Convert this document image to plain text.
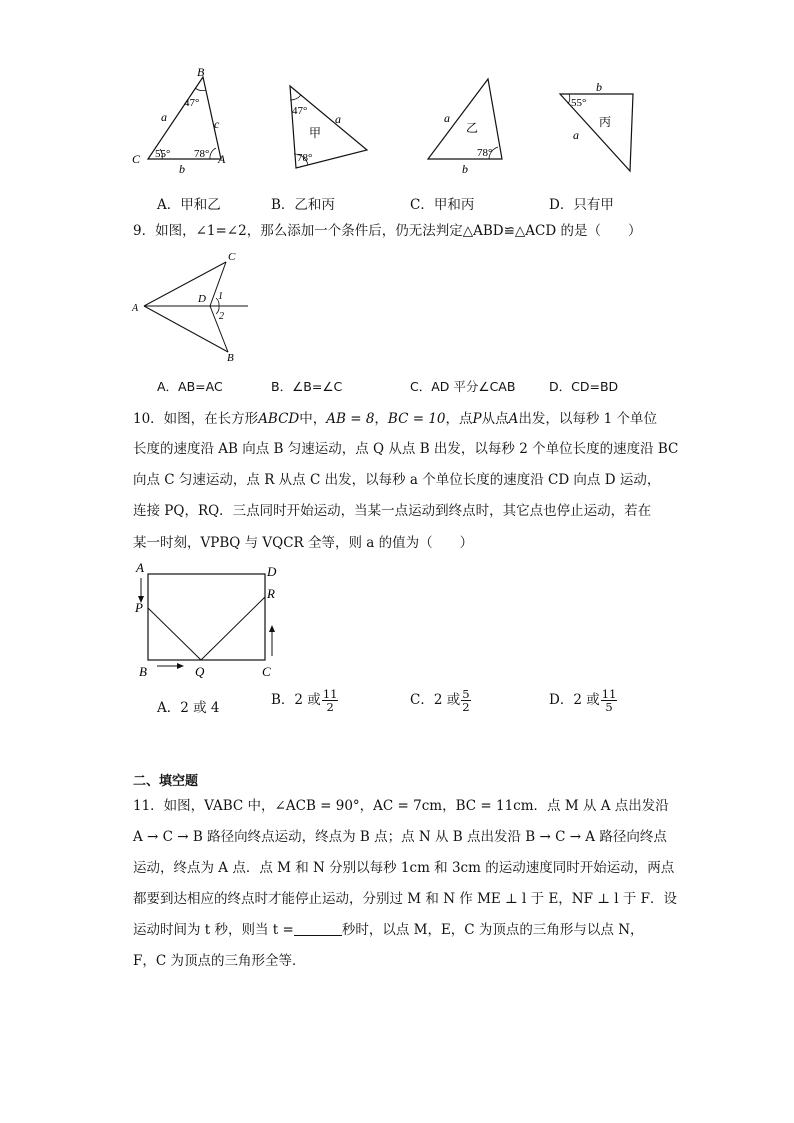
B
47°
a	c
C 55° 78° A
b
47°
a
甲
78°
a
乙
78°
b
b
55°
丙
a
A．甲和乙	B．乙和丙	C．甲和丙	D．只有甲
9．如图，∠1=∠2，那么添加一个条件后，仍无法判定△ABD≌△ACD 的是（　　）
C
A
D 1
2
B
A．AB=AC	B．∠B=∠C	C．AD 平分∠CAB	D．CD=BD
10．如图，在长方形ABCD中，AB = 8，BC = 10，点P从点A出发，以每秒 1 个单位
长度的速度沿 AB 向点 B 匀速运动，点 Q 从点 B 出发，以每秒 2 个单位长度的速度沿 BC
向点 C 匀速运动，点 R 从点 C 出发，以每秒 a 个单位长度的速度沿 CD 向点 D 运动，
连接 PQ，RQ．三点同时开始运动，当某一点运动到终点时，其它点也停止运动，若在
某一时刻，VPBQ 与 VQCR 全等，则 a 的值为（　　）
A	D
P
R
B	Q	C
A．2 或 4	B．2 或 $\frac{11}{2}$	C．2 或 $\frac{5}{2}$	D．2 或 $\frac{11}{5}$
二、填空题
11．如图，VABC 中，∠ACB = 90°，AC = 7cm，BC = 11cm．点 M 从 A 点出发沿
A → C → B 路径向终点运动，终点为 B 点；点 N 从 B 点出发沿 B → C → A 路径向终点
运动，终点为 A 点．点 M 和 N 分别以每秒 1cm 和 3cm 的运动速度同时开始运动，两点
都要到达相应的终点时才能停止运动，分别过 M 和 N 作 ME ⊥ l 于 E，NF ⊥ l 于 F．设
运动时间为 t 秒，则当 t =	秒时，以点 M，E，C 为顶点的三角形与以点 N，
F，C 为顶点的三角形全等．
